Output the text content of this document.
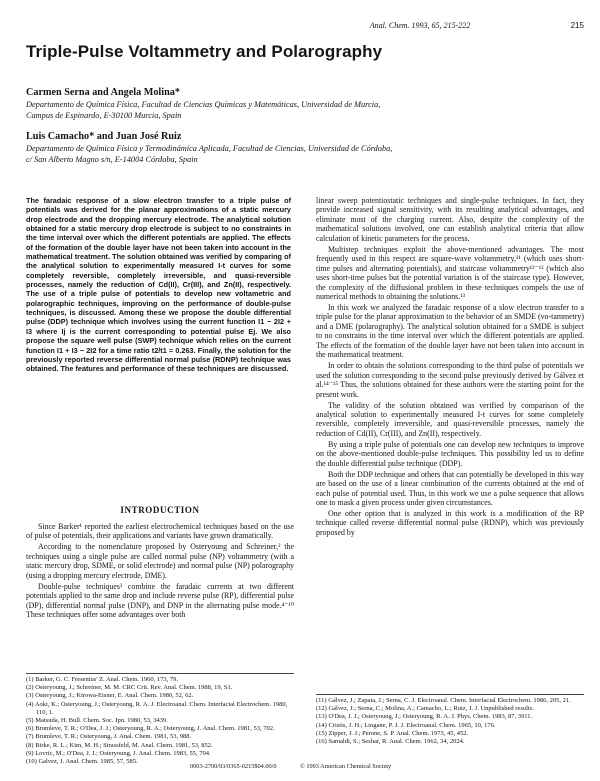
Anal. Chem. 1993, 65, 215-222	215
Triple-Pulse Voltammetry and Polarography
Carmen Serna and Angela Molina*
Departamento de Química Física, Facultad de Ciencias Químicas y Matemáticas, Universidad de Murcia,
Campus de Espinardo, E-30100 Murcia, Spain
Luis Camacho* and Juan José Ruiz
Departamento de Química Física y Termodinámica Aplicada, Facultad de Ciencias, Universidad de Córdoba,
c/ San Alberto Magno s/n, E-14004 Córdoba, Spain

The faradaic response of a slow electron transfer to a triple pulse of potentials was derived for the planar approximations of a static mercury drop electrode and the dropping mercury electrode. The analytical solution obtained for a static mercury drop electrode is subject to no constraints in the time interval over which the different potentials are applied. The effects of the formation of the double layer have not been taken into account in the mathematical treatment. The solution obtained was verified by comparing of the analytical solution to experimentally measured I-t curves for some completely reversible, completely irreversible, and quasi-reversible processes, namely the reduction of Cd(II), Cr(III), and Zn(II), respectively. The use of a triple pulse of potentials to develop new voltametric and polarographic techniques, improving on the performance of double-pulse techniques, is discussed. Among these we propose the double differential pulse (DDP) technique which involves using the current function I1 − 2I2 + I3 where Ij is the current corresponding to potential pulse Ej. We also propose the square well pulse (SWP) technique which relies on the current function I1 + I3 − 2I2 for a time ratio t2/t1 = 0.263. Finally, the solution for the previously reported reverse differential normal pulse (RDNP) technique was obtained. The features and performance of these techniques are discussed.

INTRODUCTION

Since Barker¹ reported the earliest electrochemical techniques based on the use of pulse of potentials, their applications and variants have grown dramatically.

According to the nomenclature proposed by Osteryoung and Schreiner,² the techniques using a single pulse are called normal pulse (NP) voltammetry (with a static mercury drop, SDME, or solid electrode) and normal pulse (NP) polarography (using a dropping mercury electrode, DME).

Double-pulse techniques³ combine the faradaic currents at two different potentials applied to the same drop and include reverse pulse (RP), differential pulse (DP), differential normal pulse (DNP), and DNP in the alternating pulse mode.⁴⁻¹⁰ These techniques offer some advantages over both

(1) Barker, G. C. Fresenius' Z. Anal. Chem. 1960, 173, 79.
(2) Osteryoung, J.; Schreiner, M. M. CRC Crit. Rev. Anal. Chem. 1988, 19, S1.
(3) Osteryoung, J.; Kirowa-Eisner, E. Anal. Chem. 1980, 52, 62.
(4) Aoki, K.; Osteryoung, J.; Osteryoung, R. A. J. Electroanal. Chem. Interfacial Electrochem. 1980, 110, 1.
(5) Matsuda, H. Bull. Chem. Soc. Jpn. 1980, 53, 3439.
(6) Brumleve, T. R.; O'Dea, J. J.; Osteryoung, R. A.; Osteryoung, J. Anal. Chem. 1981, 53, 702.
(7) Brumleve, T. R.; Osteryoung, J. Anal. Chem. 1981, 53, 988.
(8) Birke, R. L.; Kim, M. H.; Strassfeld, M. Anal. Chem. 1981, 53, 852.
(9) Lovric, M.; O'Dea, J. J.; Osteryoung, J. Anal. Chem. 1983, 55, 704.
(10) Galvez, J. Anal. Chem. 1985, 57, 585.

linear sweep potentiostatic techniques and single-pulse techniques. In fact, they provide increased signal sensitivity, with its resulting analytical advantages, and eliminate most of the charging current. Also, despite the complexity of the mathematical solutions involved, one can establish analytical criteria that allow calculation of kinetic parameters for the process.

Multistep techniques exploit the above-mentioned advantages. The most frequently used in this respect are square-wave voltammetry,¹¹ (which uses short-time pulses and alternating potentials), and staircase voltammetry¹²⁻¹³ (which also uses short-time pulses but the potential variation is of the staircase type). However, the complexity of the diffusional problem in these techniques compels the use of numerical methods to obtaining the solutions.¹³

In this work we analyzed the faradaic response of a slow electron transfer to a triple pulse for the planar approximation to the behavior of an SMDE (vo-tammetry) and a DME (polarography). The analytical solution obtained for a SMDE is subject to no constrains in the time interval over which the different potentials are applied. The effects of the formation of the double layer have not been taken into account in the mathematical treatment.

In order to obtain the solutions corresponding to the third pulse of potentials we used the solution corresponding to the second pulse previously derived by Gálvez et al.¹⁴⁻¹⁵ Thus, the solutions obtained for these authors were the starting point for the present work.

The validity of the solution obtained was verified by comparison of the analytical solution to experimentally measured I-t curves for some completely reversible, completely irreversible, and quasi-reversible processes, namely the reduction of Cd(II), Cr(III), and Zn(II), respectively.

By using a triple pulse of potentials one can develop new techniques to improve on the above-mentioned double-pulse techniques. This possibility led us to define the double differential pulse technique (DDP).

Both the DDP technique and others that can potentially be developed in this way are based on the use of a linear combination of the currents obtained at the end of each pulse of potential used. Thus, in this work we use a pulse sequence that allows one to mask a given process under given circumstances.

One other option that is analyzed in this work is a modification of the RP technique called reverse differential normal pulse (RDNP), which was previously proposed by

(11) Gálvez, J.; Zapata, J.; Serna, C. J. Electroanal. Chem. Interfacial Electrochem. 1986, 205, 21.
(12) Gálvez, J.; Serna, C.; Molina, A.; Camacho, L.; Ruiz, J. J. Unpublished results.
(13) O'Dea, J. J.; Osteryoung, J.; Osteryoung, R. A. J. Phys. Chem. 1983, 87, 3911.
(14) Cristis, J. H.; Lingane, P. J. J. Electroanal. Chem. 1965, 10, 176.
(15) Zipper, J. J.; Perone, S. P. Anal. Chem. 1973, 45, 452.
(16) Samaldi, S.; Seshar, R. Anal. Chem. 1962, 34, 2024.
0003-2700/93/0365-0215$04.00/0	© 1993 American Chemical Society
